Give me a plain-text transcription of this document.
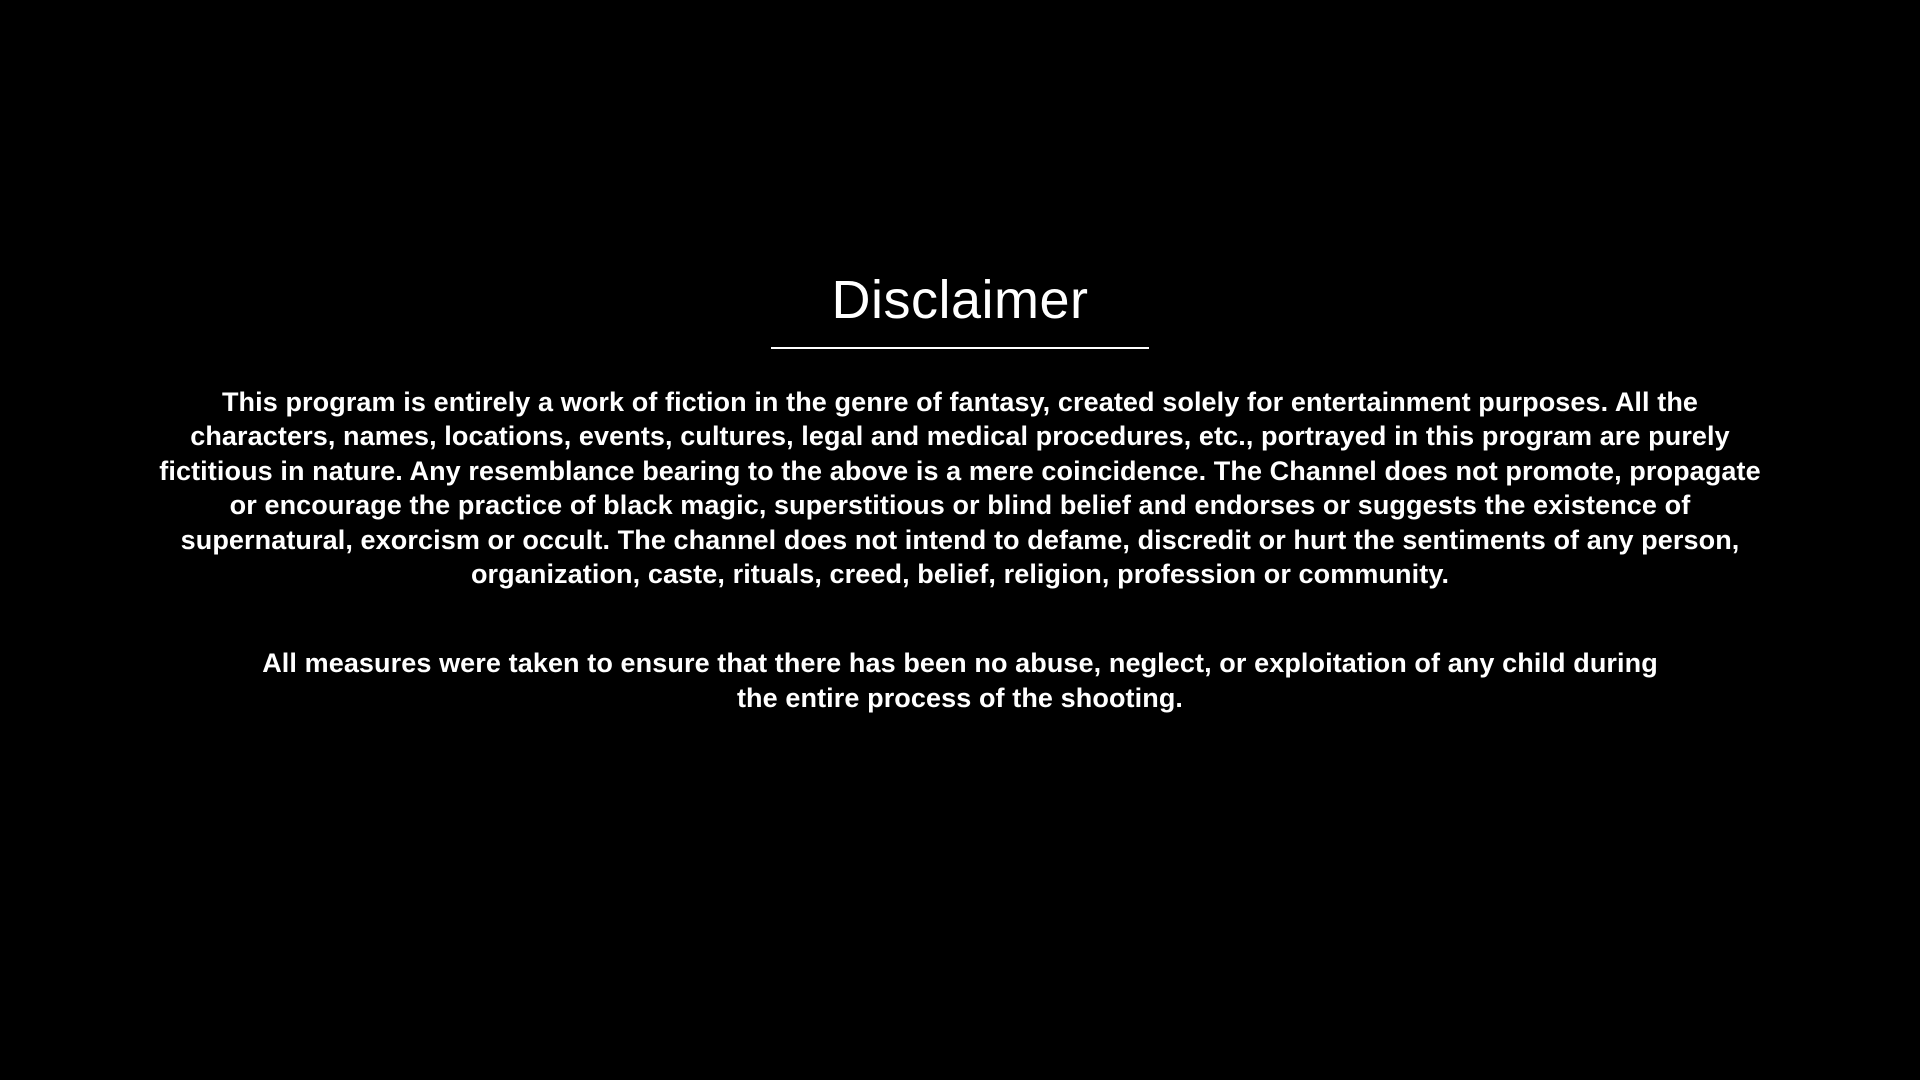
Disclaimer

This program is entirely a work of fiction in the genre of fantasy, created solely for entertainment purposes. All the characters, names, locations, events, cultures, legal and medical procedures, etc., portrayed in this program are purely fictitious in nature. Any resemblance bearing to the above is a mere coincidence. The Channel does not promote, propagate or encourage the practice of black magic, superstitious or blind belief and endorses or suggests the existence of supernatural, exorcism or occult. The channel does not intend to defame, discredit or hurt the sentiments of any person, organization, caste, rituals, creed, belief, religion, profession or community.

All measures were taken to ensure that there has been no abuse, neglect, or exploitation of any child during the entire process of the shooting.
